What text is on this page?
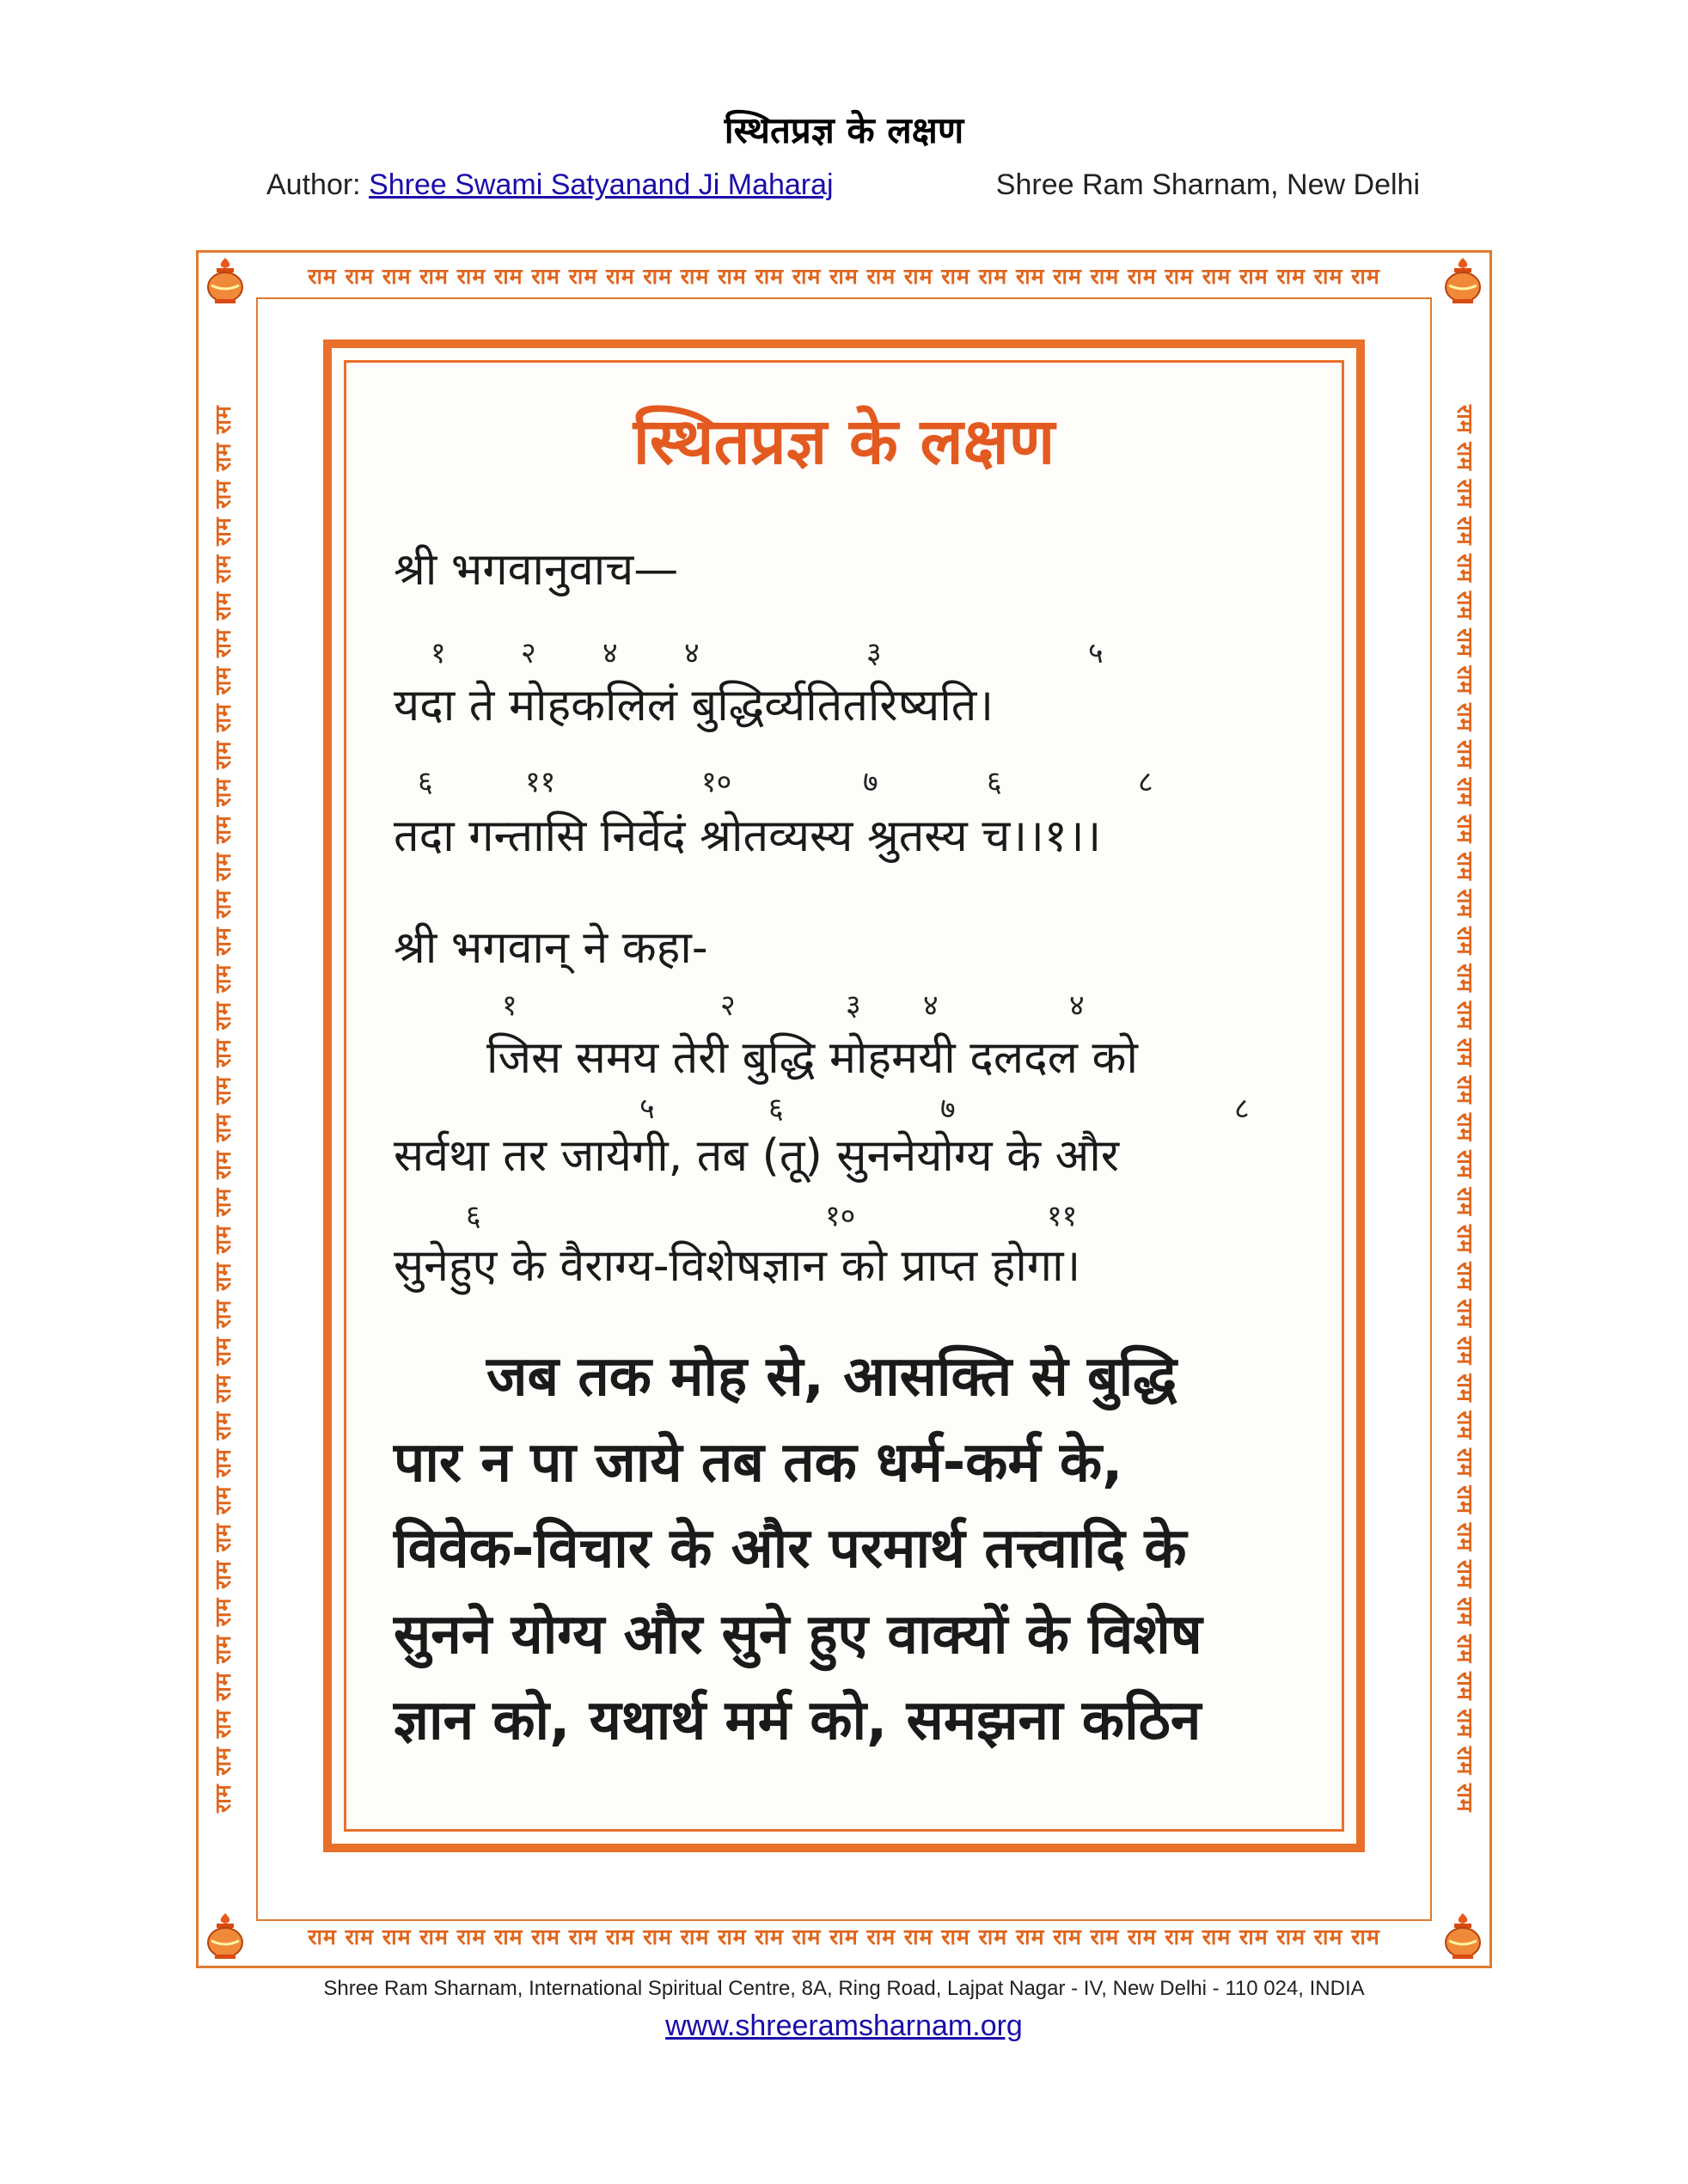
स्थितप्रज्ञ के लक्षण
Author: Shree Swami Satyanand Ji Maharaj	Shree Ram Sharnam, New Delhi
राम राम राम राम राम राम राम राम राम राम राम राम राम राम राम राम राम राम राम राम राम राम राम राम राम राम राम राम राम
राम राम राम राम राम राम राम राम राम राम राम राम राम राम राम राम राम राम राम राम राम राम राम राम राम राम राम राम राम
राम राम राम राम राम राम राम राम राम राम राम राम राम राम राम राम राम राम राम राम राम राम राम राम राम राम राम राम राम राम राम राम राम राम राम राम राम राम	राम राम राम राम राम राम राम राम राम राम राम राम राम राम राम राम राम राम राम राम राम राम राम राम राम राम राम राम राम राम राम राम राम राम राम राम राम राम
स्थितप्रज्ञ के लक्षण
श्री भगवानुवाच—
१	२ ४ ४	३	५
यदा ते मोहकलिलं बुद्धिर्व्यतितरिष्यति।
६	११	१०	७	६	८
तदा गन्तासि निर्वेदं श्रोतव्यस्य श्रुतस्य च।।१।।
श्री भगवान् ने कहा-
१	२	३ ४	४
जिस समय तेरी बुद्धि मोहमयी दलदल को
५	६	७	८
सर्वथा तर जायेगी, तब (तू) सुननेयोग्य के और
६	१०	११
सुनेहुए के वैराग्य-विशेषज्ञान को प्राप्त होगा।
जब तक मोह से, आसक्ति से बुद्धि
पार न पा जाये तब तक धर्म-कर्म के,
विवेक-विचार के और परमार्थ तत्त्वादि के
सुनने योग्य और सुने हुए वाक्यों के विशेष
ज्ञान को, यथार्थ मर्म को, समझना कठिन
Shree Ram Sharnam, International Spiritual Centre, 8A, Ring Road, Lajpat Nagar - IV, New Delhi - 110 024, INDIA
www.shreeramsharnam.org
